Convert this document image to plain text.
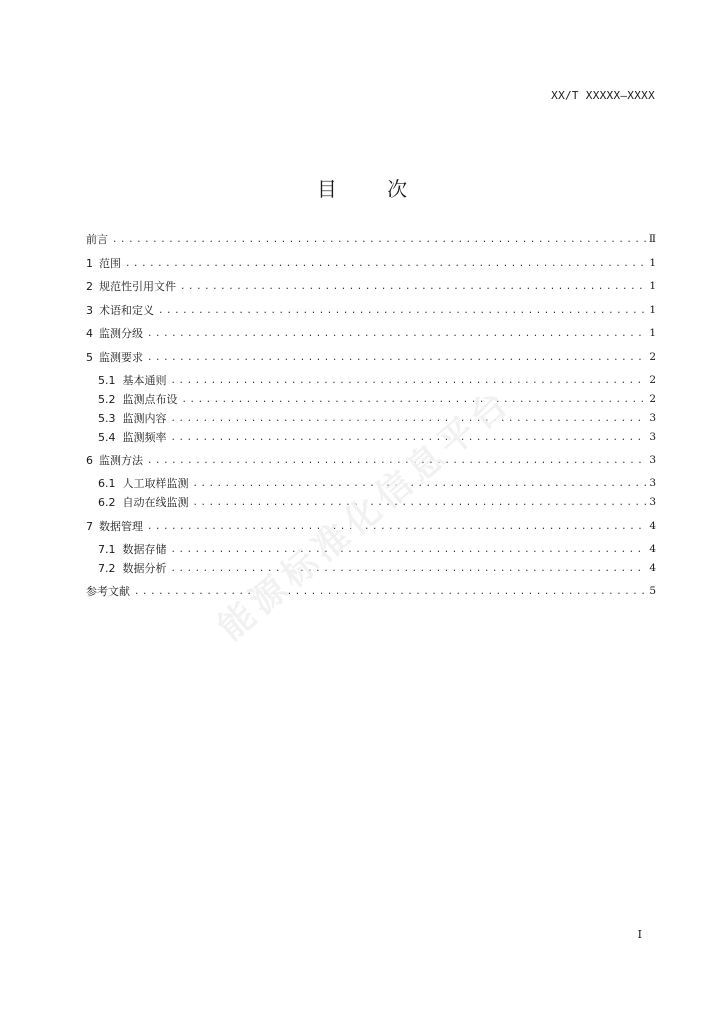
XX/T XXXXX—XXXX
目 次
前言 . . .	Ⅱ
1 范围 . . .	1
2 规范性引用文件 . . .	1
3 术语和定义 . . .	1
4 监测分级 . . .	1
5 监测要求 . . .	2
5.1 基本通则 . . .	2
5.2 监测点布设 . . .	2
5.3 监测内容 . . .	3
5.4 监测频率 . . .	3
6 监测方法 . . .	3
6.1 人工取样监测 . . .	3
6.2 自动在线监测 . . .	3
7 数据管理 . . .	4
7.1 数据存储 . . .	4
7.2 数据分析 . . .	4
参考文献 . . .	5
能源标准化信息平台
I
